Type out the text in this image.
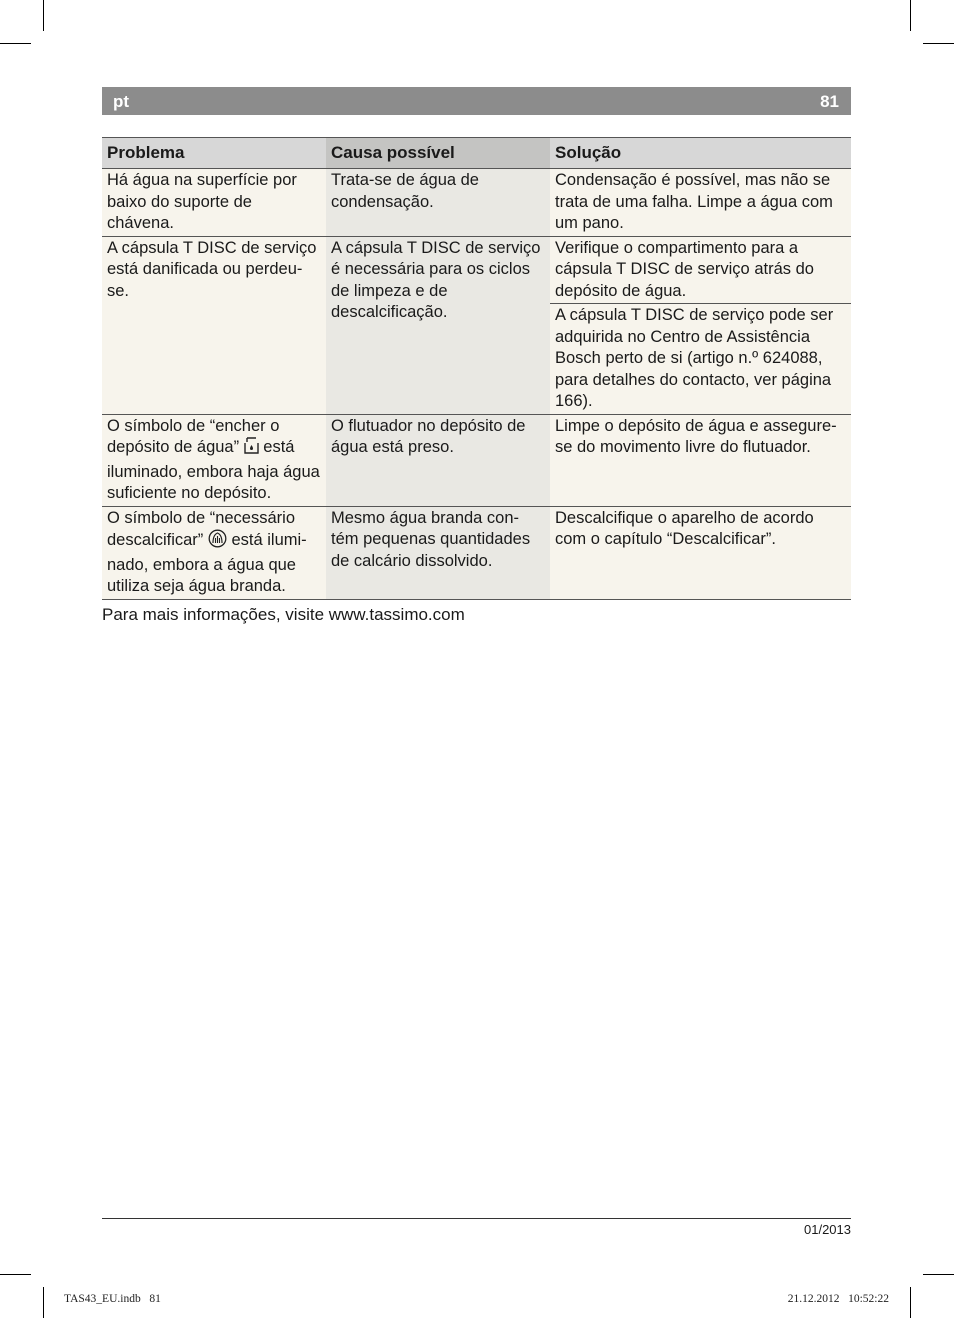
pt	81
Problema	Causa possível	Solução
Há água na superfície por baixo do suporte de chávena.	Trata-se de água de condensação.	Condensação é possível, mas não se trata de uma falha. Limpe a água com um pano.
A cápsula T DISC de serviço está danificada ou perdeu-se.	A cápsula T DISC de serviço é necessária para os ciclos de limpeza e de descalcificação.	Verifique o compartimento para a cápsula T DISC de serviço atrás do depósito de água.
		A cápsula T DISC de serviço pode ser adquirida no Centro de Assistência Bosch perto de si (artigo n.º 624088, para detalhes do contacto, ver página 166).
O símbolo de “encher o depósito de água” está iluminado, embora haja água suficiente no depósito.	O flutuador no depósito de água está preso.	Limpe o depósito de água e assegure-se do movimento livre do flutuador.
O símbolo de “necessário descalcificar” está ilumi-nado, embora a água que utiliza seja água branda.	Mesmo água branda con-tém pequenas quantidades de calcário dissolvido.	Descalcifique o aparelho de acordo com o capítulo “Descalcificar”.
Para mais informações, visite www.tassimo.com
01/2013
TAS43_EU.indb   81	21.12.2012   10:52:22
